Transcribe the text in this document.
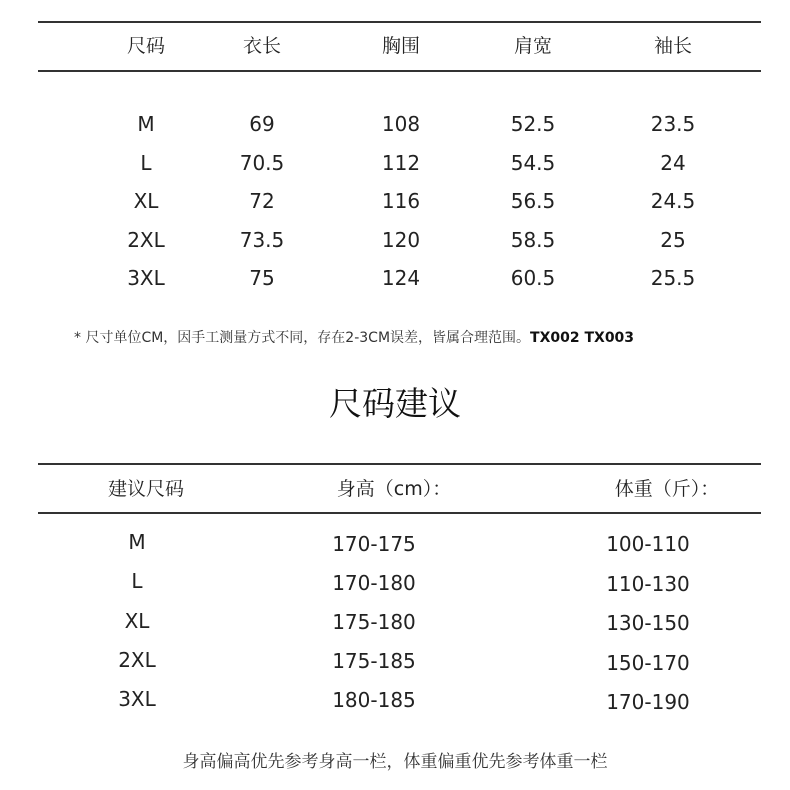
尺码	衣长	胸围	肩宽	袖长
M	69	108	52.5	23.5
L	70.5	112	54.5	24
XL	72	116	56.5	24.5
2XL	73.5	120	58.5	25
3XL	75	124	60.5	25.5
* 尺寸单位CM，因手工测量方式不同，存在2-3CM误差，皆属合理范围。TX002 TX003
尺码建议
建议尺码	身高（cm）：	体重（斤）：
M	170-175	100-110
L	170-180	110-130
XL	175-180	130-150
2XL	175-185	150-170
3XL	180-185	170-190
身高偏高优先参考身高一栏，体重偏重优先参考体重一栏
